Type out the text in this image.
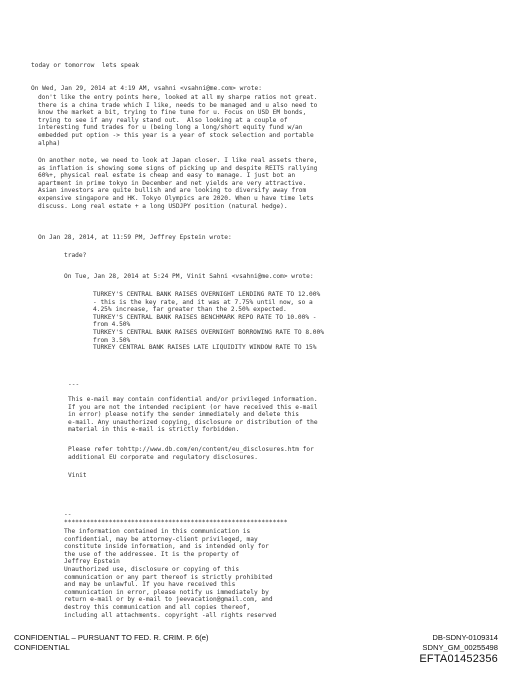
today or tomorrow  lets speak

On Wed, Jan 29, 2014 at 4:19 AM, vsahni <vsahni@me.com> wrote:

don't like the entry points here, looked at all my sharpe ratios not great.
there is a china trade which I like, needs to be managed and u also need to
know the market a bit, trying to fine tune for u. Focus on USD EM bonds,
trying to see if any really stand out.  Also looking at a couple of
interesting fund trades for u (being long a long/short equity fund w/an
embedded put option -> this year is a year of stock selection and portable
alpha)

On another note, we need to look at Japan closer. I like real assets there,
as inflation is showing some signs of picking up and despite REITS rallying
60%+, physical real estate is cheap and easy to manage. I just bot an
apartment in prime tokyo in December and net yields are very attractive.
Asian investors are quite bullish and are looking to diversify away from
expensive singapore and HK. Tokyo Olympics are 2020. When u have time lets
discuss. Long real estate + a long USDJPY position (natural hedge).

On Jan 28, 2014, at 11:59 PM, Jeffrey Epstein wrote:

trade?

On Tue, Jan 28, 2014 at 5:24 PM, Vinit Sahni <vsahni@me.com> wrote:

TURKEY'S CENTRAL BANK RAISES OVERNIGHT LENDING RATE TO 12.00%
- this is the key rate, and it was at 7.75% until now, so a
4.25% increase, far greater than the 2.50% expected.
TURKEY'S CENTRAL BANK RAISES BENCHMARK REPO RATE TO 10.00% -
from 4.50%
TURKEY'S CENTRAL BANK RAISES OVERNIGHT BORROWING RATE TO 8.00%
from 3.50%
TURKEY CENTRAL BANK RAISES LATE LIQUIDITY WINDOW RATE TO 15%

---

This e-mail may contain confidential and/or privileged information.
If you are not the intended recipient (or have received this e-mail
in error) please notify the sender immediately and delete this
e-mail. Any unauthorized copying, disclosure or distribution of the
material in this e-mail is strictly forbidden.

Please refer tohttp://www.db.com/en/content/eu_disclosures.htm for
additional EU corporate and regulatory disclosures.

Vinit

--

************************************************************

The information contained in this communication is
confidential, may be attorney-client privileged, may
constitute inside information, and is intended only for
the use of the addressee. It is the property of
Jeffrey Epstein
Unauthorized use, disclosure or copying of this
communication or any part thereof is strictly prohibited
and may be unlawful. If you have received this
communication in error, please notify us immediately by
return e-mail or by e-mail to jeevacation@gmail.com, and
destroy this communication and all copies thereof,
including all attachments. copyright -all rights reserved

CONFIDENTIAL – PURSUANT TO FED. R. CRIM. P. 6(e)
CONFIDENTIAL
DB-SDNY-0109314
SDNY_GM_00255498
EFTA01452356
